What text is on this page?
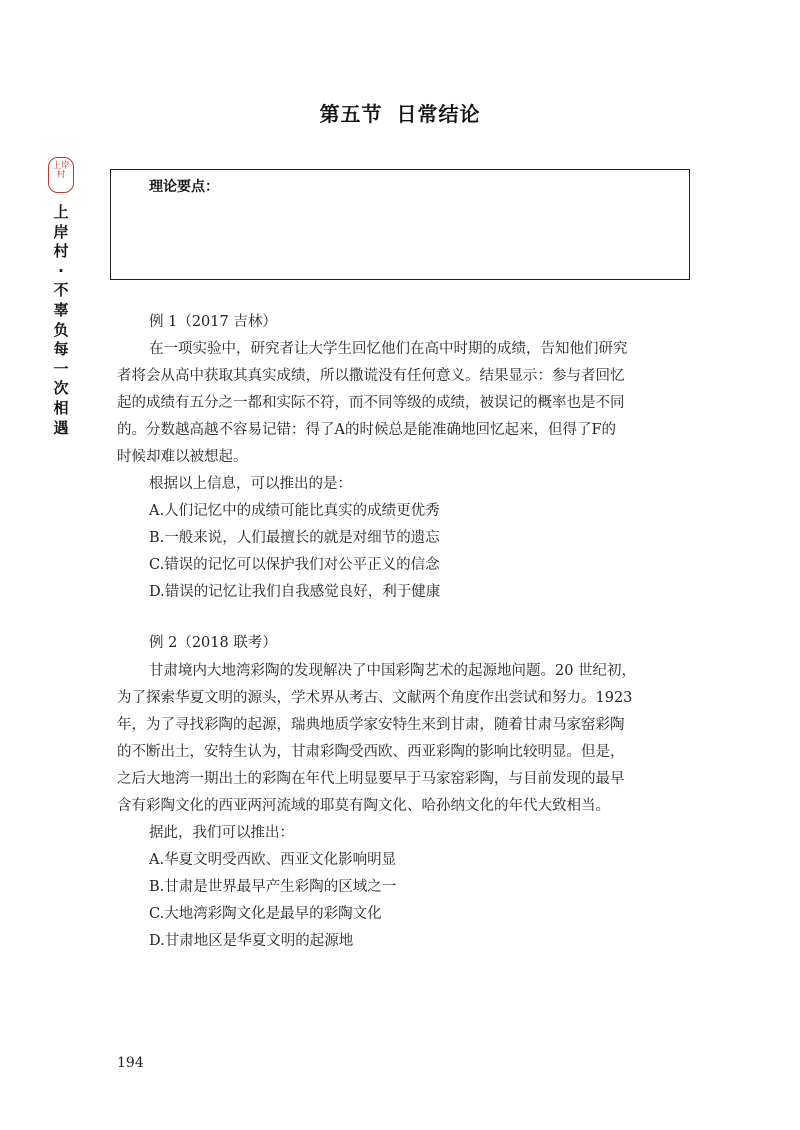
第五节 日常结论
上岸
村
上
岸
村
·
不
辜
负
每
一
次
相
遇
理论要点：
例 1（2017 吉林）
在一项实验中，研究者让大学生回忆他们在高中时期的成绩，告知他们研究
者将会从高中获取其真实成绩，所以撒谎没有任何意义。结果显示：参与者回忆
起的成绩有五分之一都和实际不符，而不同等级的成绩，被误记的概率也是不同
的。分数越高越不容易记错：得了A的时候总是能准确地回忆起来，但得了F的
时候却难以被想起。
根据以上信息，可以推出的是：
A.人们记忆中的成绩可能比真实的成绩更优秀
B.一般来说，人们最擅长的就是对细节的遗忘
C.错误的记忆可以保护我们对公平正义的信念
D.错误的记忆让我们自我感觉良好，利于健康
例 2（2018 联考）
甘肃境内大地湾彩陶的发现解决了中国彩陶艺术的起源地问题。20 世纪初，
为了探索华夏文明的源头，学术界从考古、文献两个角度作出尝试和努力。1923
年，为了寻找彩陶的起源，瑞典地质学家安特生来到甘肃，随着甘肃马家窑彩陶
的不断出土，安特生认为，甘肃彩陶受西欧、西亚彩陶的影响比较明显。但是，
之后大地湾一期出土的彩陶在年代上明显要早于马家窑彩陶，与目前发现的最早
含有彩陶文化的西亚两河流域的耶莫有陶文化、哈孙纳文化的年代大致相当。
据此，我们可以推出：
A.华夏文明受西欧、西亚文化影响明显
B.甘肃是世界最早产生彩陶的区域之一
C.大地湾彩陶文化是最早的彩陶文化
D.甘肃地区是华夏文明的起源地
194
